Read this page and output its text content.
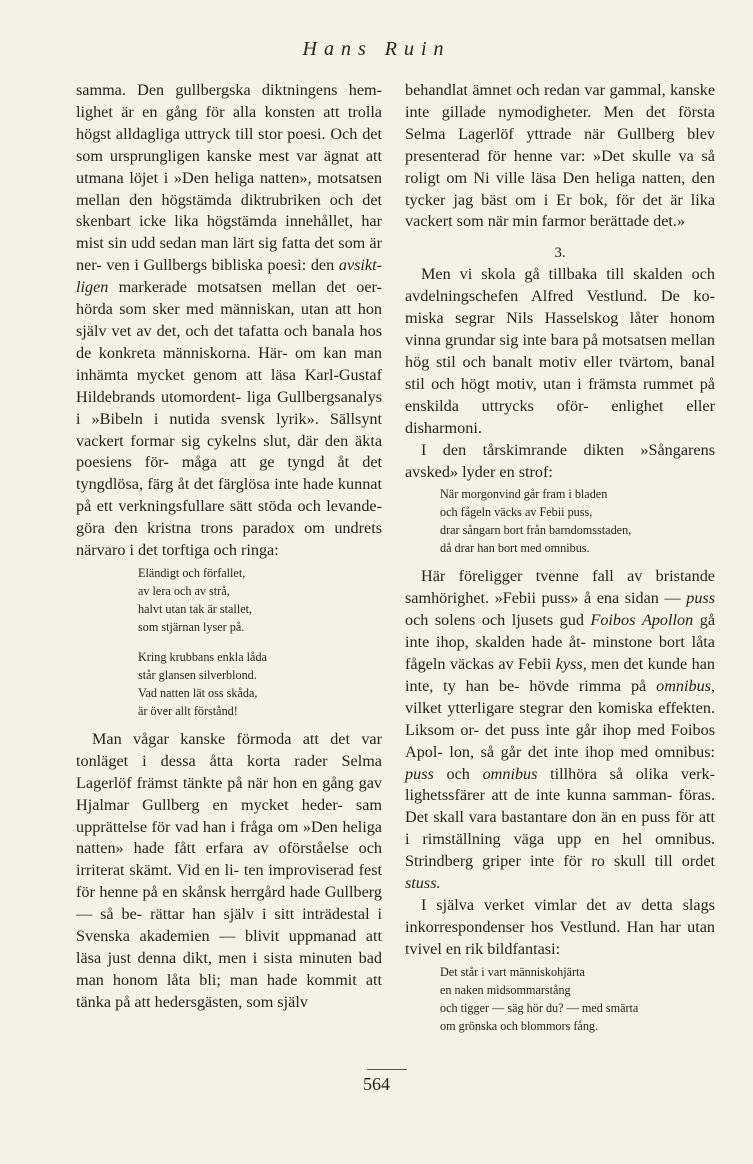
Hans Ruin

samma. Den gullbergska diktningens hem- lighet är en gång för alla konsten att trolla högst alldagliga uttryck till stor poesi. Och det som ursprungligen kanske mest var ägnat att utmana löjet i »Den heliga natten», motsatsen mellan den högstämda diktrubriken och det skenbart icke lika högstämda innehållet, har mist sin udd sedan man lärt sig fatta det som är ner- ven i Gullbergs bibliska poesi: den avsikt- ligen markerade motsatsen mellan det oer- hörda som sker med människan, utan att hon själv vet av det, och det tafatta och banala hos de konkreta människorna. Här- om kan man inhämta mycket genom att läsa Karl-Gustaf Hildebrands utomordent- liga Gullbergsanalys i »Bibeln i nutida svensk lyrik». Sällsynt vackert formar sig cykelns slut, där den äkta poesiens för- måga att ge tyngd åt det tyngdlösa, färg åt det färglösa inte hade kunnat på ett verkningsfullare sätt stöda och levande- göra den kristna trons paradox om undrets närvaro i det torftiga och ringa:

Eländigt och förfallet,
av lera och av strå,
halvt utan tak är stallet,
som stjärnan lyser på.
Kring krubbans enkla låda
står glansen silverblond.
Vad natten lät oss skåda,
är över allt förstånd!

Man vågar kanske förmoda att det var tonläget i dessa åtta korta rader Selma Lagerlöf främst tänkte på när hon en gång gav Hjalmar Gullberg en mycket heder- sam upprättelse för vad han i fråga om »Den heliga natten» hade fått erfara av oförståelse och irriterat skämt. Vid en li- ten improviserad fest för henne på en skånsk herrgård hade Gullberg — så be- rättar han själv i sitt inträdestal i Svenska akademien — blivit uppmanad att läsa just denna dikt, men i sista minuten bad man honom låta bli; man hade kommit att tänka på att hedersgästen, som själv

behandlat ämnet och redan var gammal, kanske inte gillade nymodigheter. Men det första Selma Lagerlöf yttrade när Gullberg blev presenterad för henne var: »Det skulle va så roligt om Ni ville läsa Den heliga natten, den tycker jag bäst om i Er bok, för det är lika vackert som när min farmor berättade det.»

3.

Men vi skola gå tillbaka till skalden och avdelningschefen Alfred Vestlund. De ko- miska segrar Nils Hasselskog låter honom vinna grundar sig inte bara på motsatsen mellan hög stil och banalt motiv eller tvärtom, banal stil och högt motiv, utan i främsta rummet på enskilda uttrycks oför- enlighet eller disharmoni.

I den tårskimrande dikten »Sångarens avsked» lyder en strof:

När morgonvind går fram i bladen
och fågeln väcks av Febii puss,
drar sångarn bort från barndomsstaden,
då drar han bort med omnibus.

Här föreligger tvenne fall av bristande samhörighet. »Febii puss» å ena sidan — puss och solens och ljusets gud Foibos Apollon gå inte ihop, skalden hade åt- minstone bort låta fågeln väckas av Febii kyss, men det kunde han inte, ty han be- hövde rimma på omnibus, vilket ytterligare stegrar den komiska effekten. Liksom or- det puss inte går ihop med Foibos Apol- lon, så går det inte ihop med omnibus: puss och omnibus tillhöra så olika verk- lighetssfärer att de inte kunna samman- föras. Det skall vara bastantare don än en puss för att i rimställning väga upp en hel omnibus. Strindberg griper inte för ro skull till ordet stuss.

I själva verket vimlar det av detta slags inkorrespondenser hos Vestlund. Han har utan tvivel en rik bildfantasi:

Det står i vart människohjärta
en naken midsommarstång
och tigger — säg hör du? — med smärta
om grönska och blommors fång.
564
